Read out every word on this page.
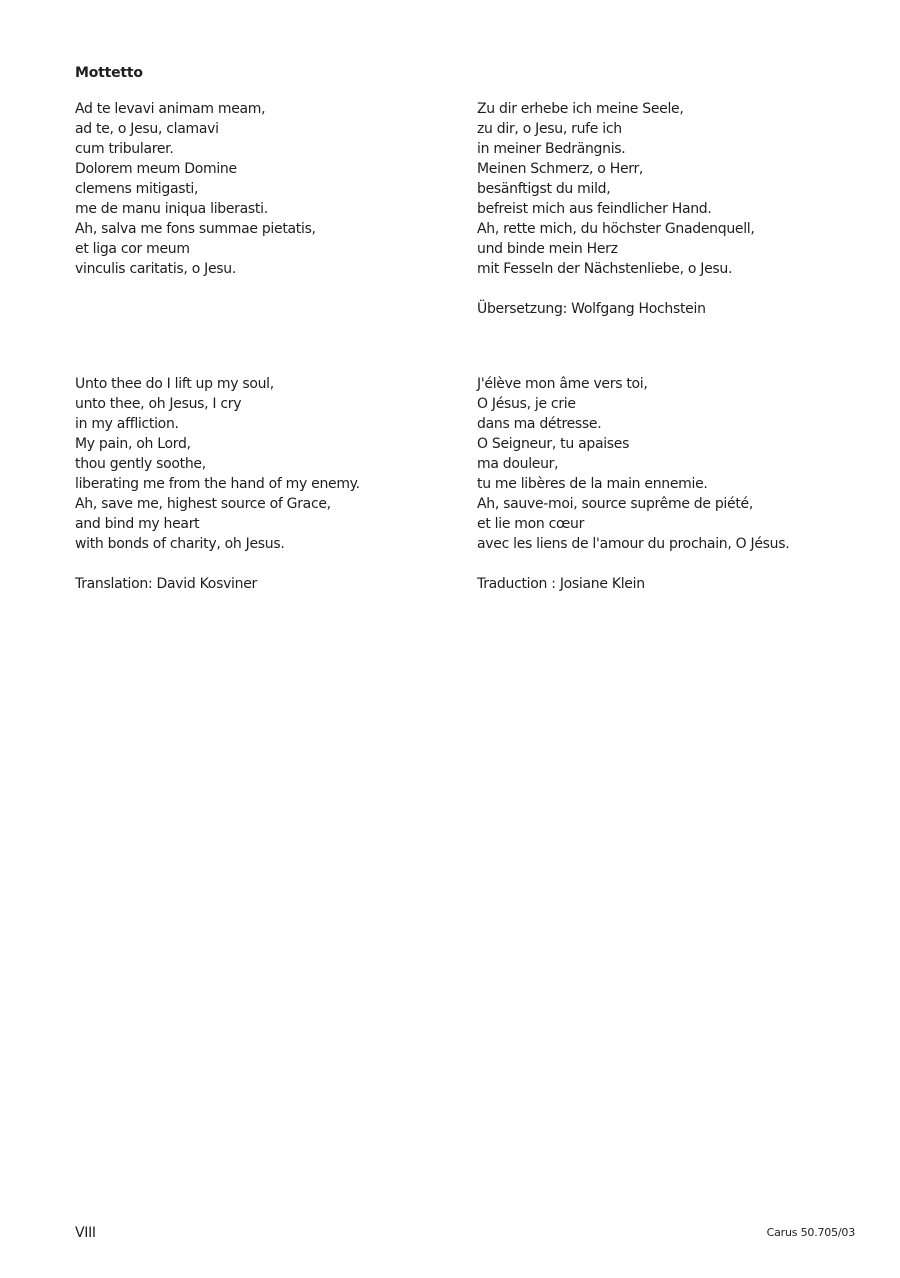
Mottetto
Ad te levavi animam meam,
ad te, o Jesu, clamavi
cum tribularer.
Dolorem meum Domine
clemens mitigasti,
me de manu iniqua liberasti.
Ah, salva me fons summae pietatis,
et liga cor meum
vinculis caritatis, o Jesu.
Zu dir erhebe ich meine Seele,
zu dir, o Jesu, rufe ich
in meiner Bedrängnis.
Meinen Schmerz, o Herr,
besänftigst du mild,
befreist mich aus feindlicher Hand.
Ah, rette mich, du höchster Gnadenquell,
und binde mein Herz
mit Fesseln der Nächstenliebe, o Jesu.
Übersetzung: Wolfgang Hochstein
Unto thee do I lift up my soul,
unto thee, oh Jesus, I cry
in my affliction.
My pain, oh Lord,
thou gently soothe,
liberating me from the hand of my enemy.
Ah, save me, highest source of Grace,
and bind my heart
with bonds of charity, oh Jesus.
Translation: David Kosviner
J'élève mon âme vers toi,
O Jésus, je crie
dans ma détresse.
O Seigneur, tu apaises
ma douleur,
tu me libères de la main ennemie.
Ah, sauve-moi, source suprême de piété,
et lie mon cœur
avec les liens de l'amour du prochain, O Jésus.
Traduction : Josiane Klein
VIII	Carus 50.705/03
